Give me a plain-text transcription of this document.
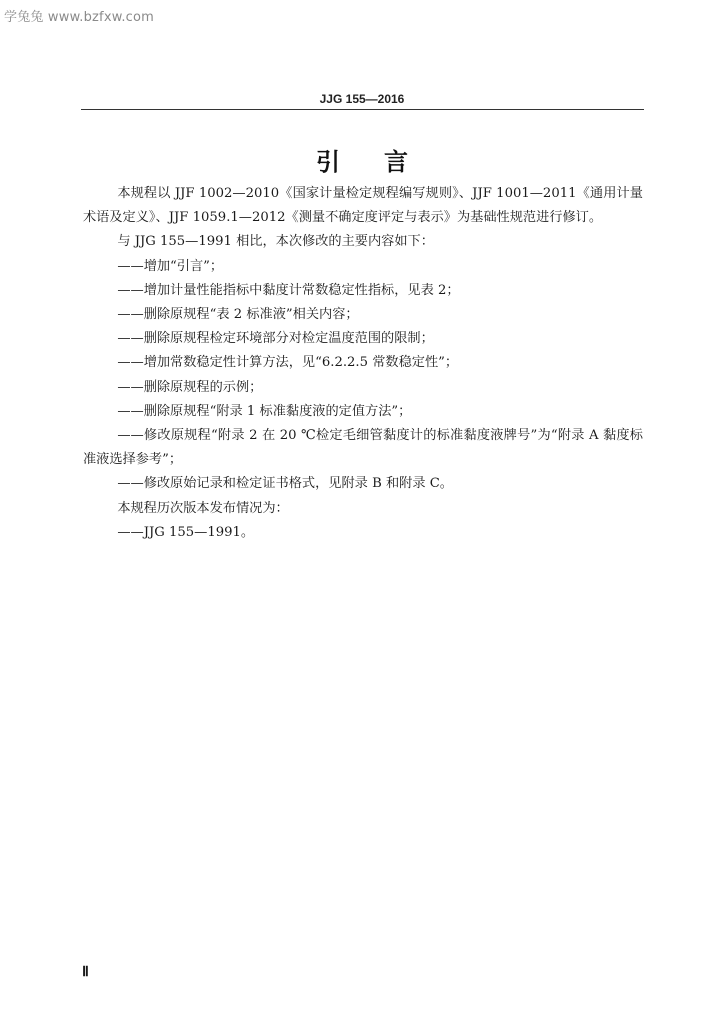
学兔兔 www.bzfxw.com
JJG 155—2016
引言

本规程以 JJF 1002—2010《国家计量检定规程编写规则》、JJF 1001—2011《通用计量术语及定义》、JJF 1059.1—2012《测量不确定度评定与表示》为基础性规范进行修订。

与 JJG 155—1991 相比，本次修改的主要内容如下：

——增加“引言”；

——增加计量性能指标中黏度计常数稳定性指标，见表 2；

——删除原规程“表 2 标准液”相关内容；

——删除原规程检定环境部分对检定温度范围的限制；

——增加常数稳定性计算方法，见“6.2.2.5 常数稳定性”；

——删除原规程的示例；

——删除原规程“附录 1 标准黏度液的定值方法”；

——修改原规程“附录 2 在 20 ℃检定毛细管黏度计的标准黏度液牌号”为“附录 A 黏度标准液选择参考”；

——修改原始记录和检定证书格式，见附录 B 和附录 C。

本规程历次版本发布情况为：

——JJG 155—1991。

Ⅱ
